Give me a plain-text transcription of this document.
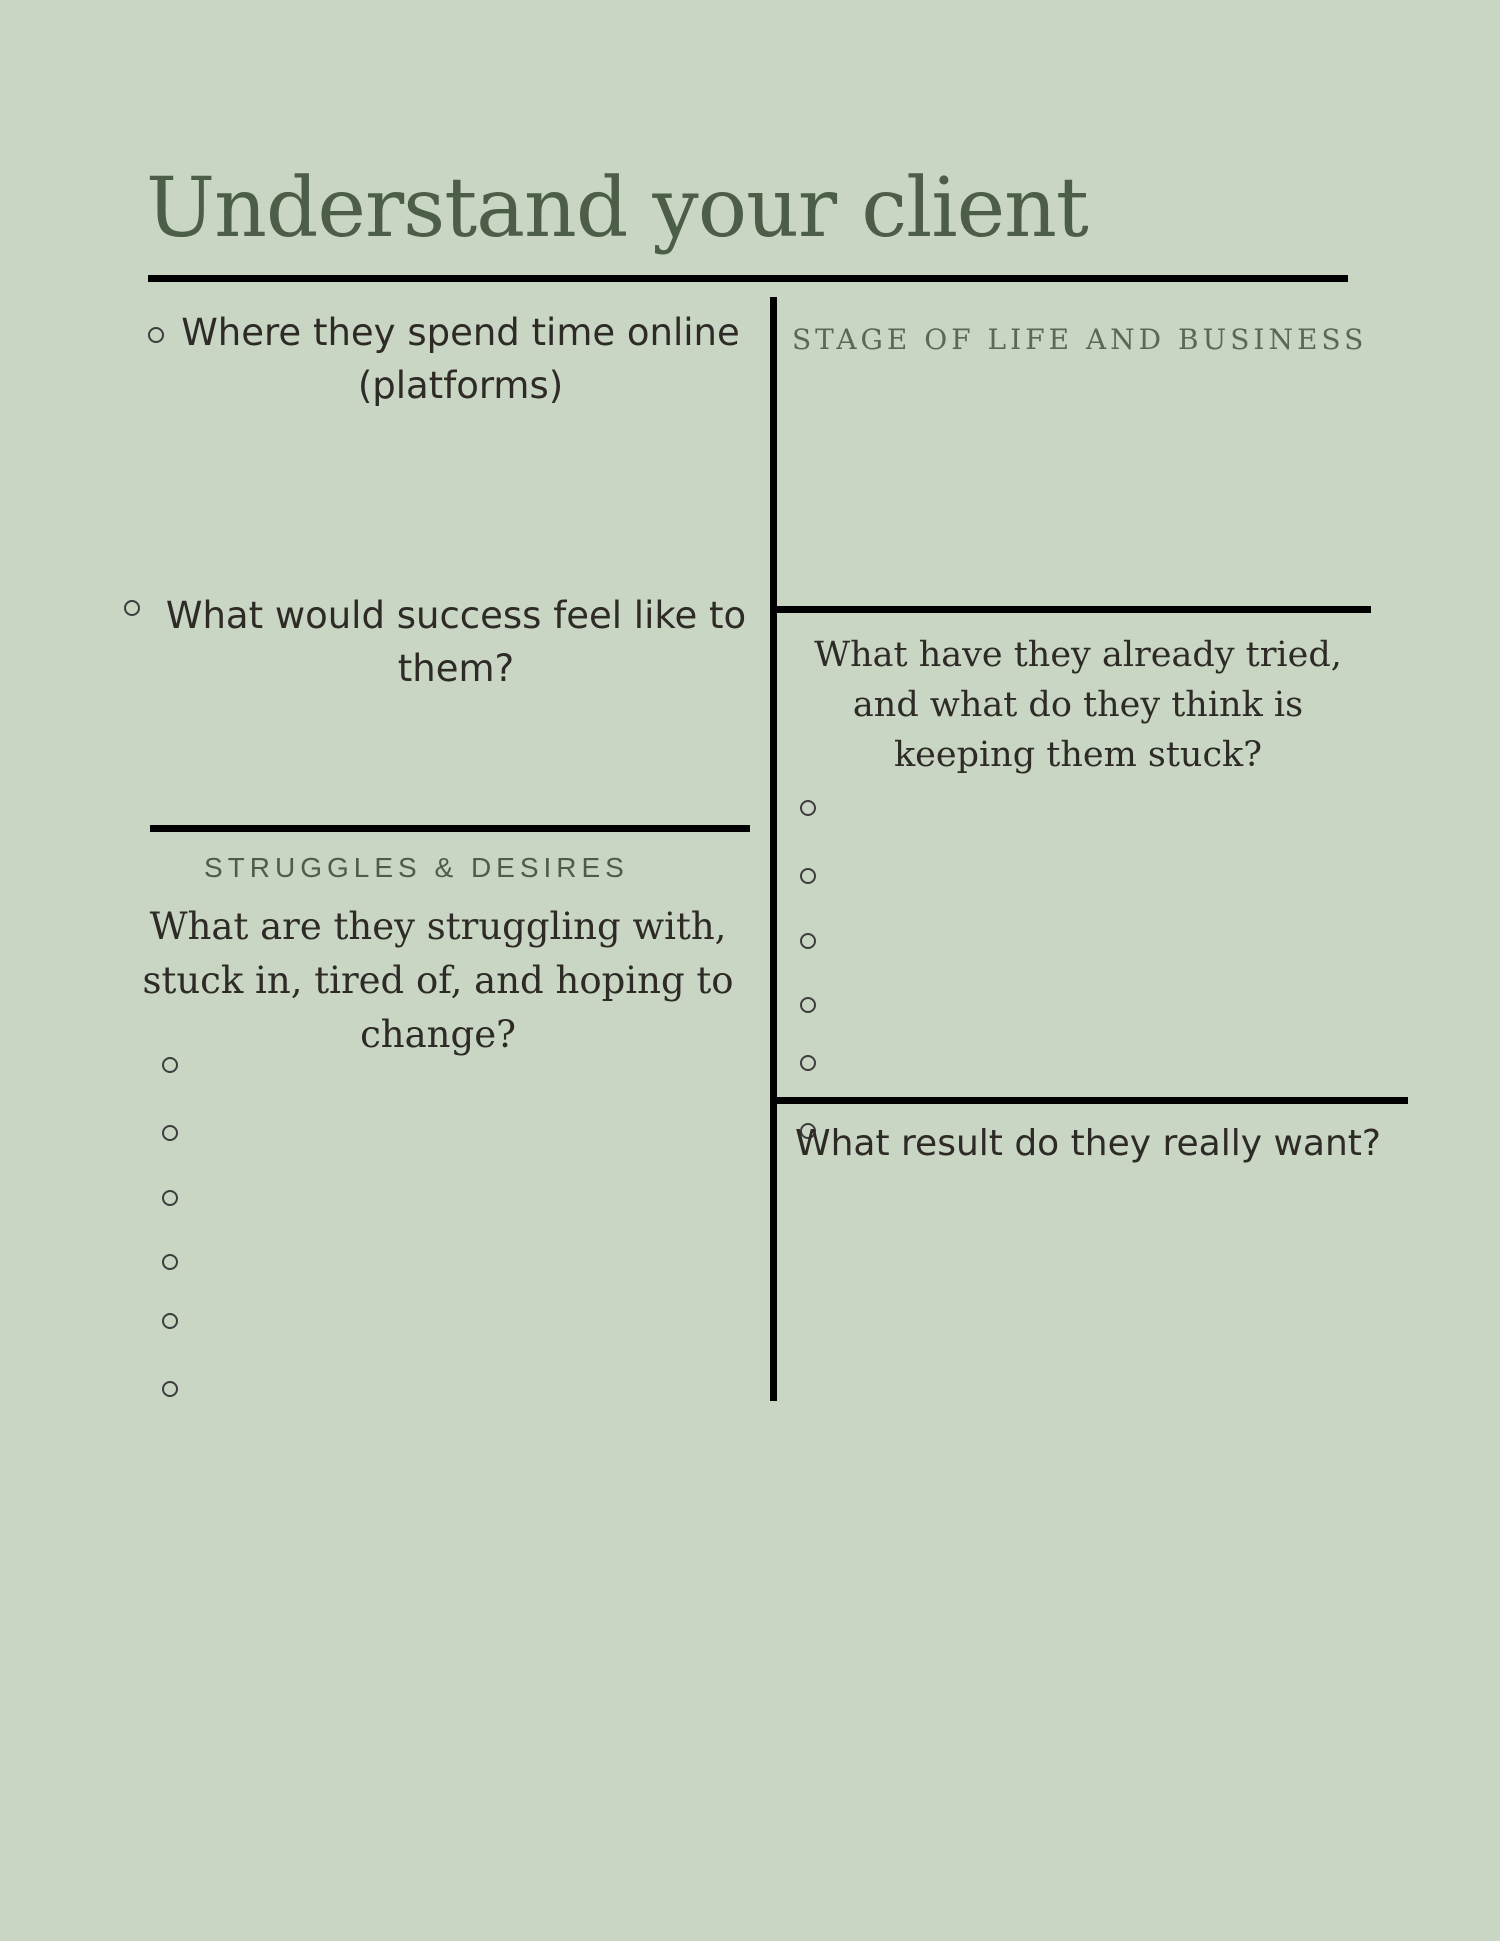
Understand your client
Where they spend time online (platforms)
What would success feel like to them?
STAGE OF LIFE AND BUSINESS
What have they already tried, and what do they think is keeping them stuck?
STRUGGLES & DESIRES
What are they struggling with, stuck in, tired of, and hoping to change?
What result do they really want?
